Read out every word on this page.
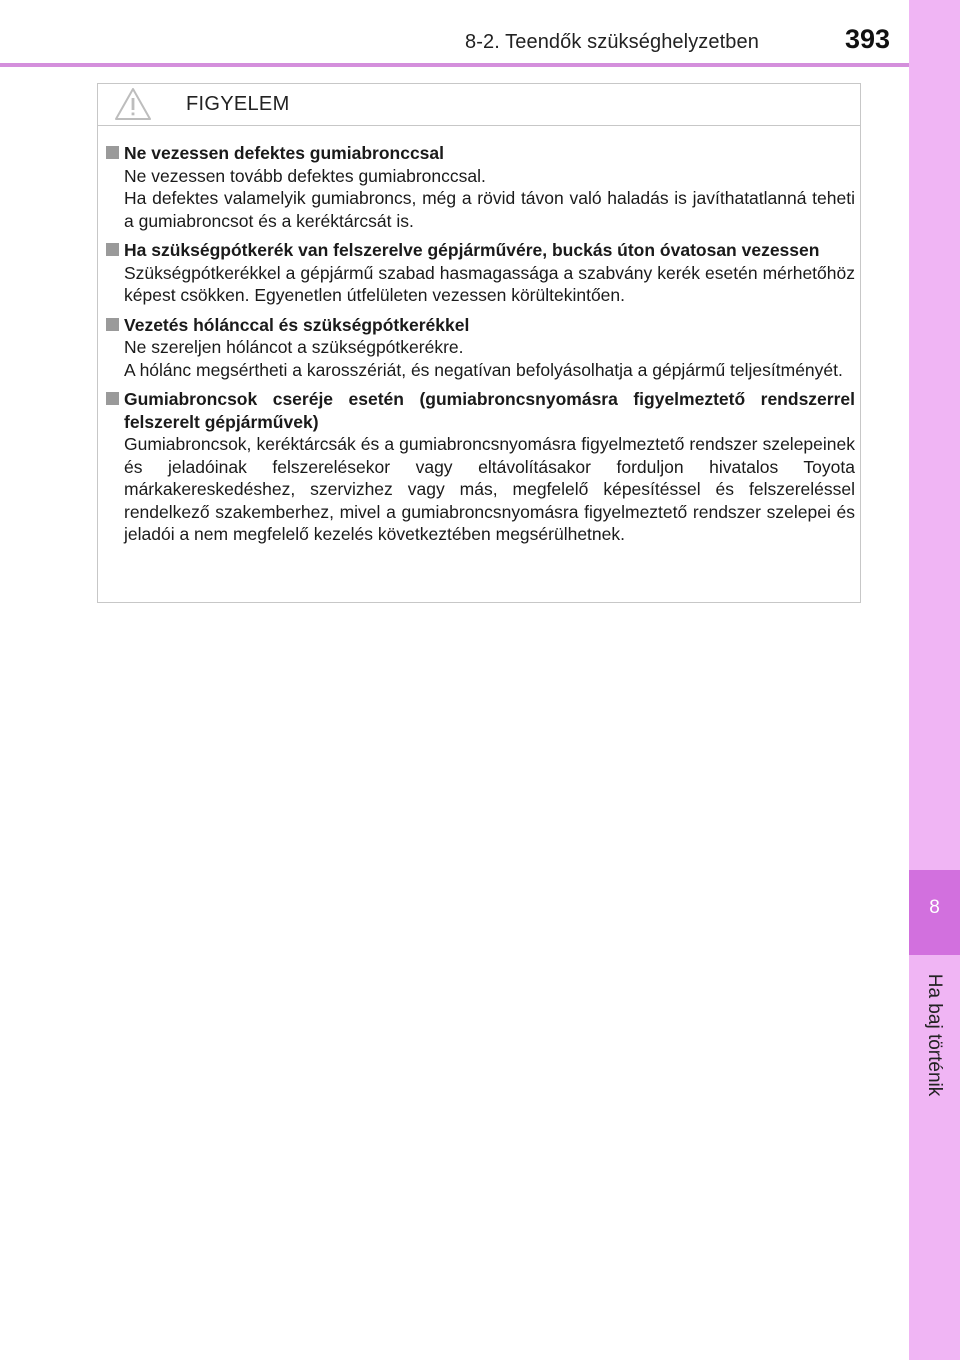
8-2. Teendők szükséghelyzetben	393
8
Ha baj történik
FIGYELEM
Ne vezessen defektes gumiabronccsal

Ne vezessen tovább defektes gumiabronccsal.

Ha defektes valamelyik gumiabroncs, még a rövid távon való haladás is javíthatatlanná teheti a gumiabroncsot és a keréktárcsát is.

Ha szükségpótkerék van felszerelve gépjárművére, buckás úton óvatosan vezessen

Szükségpótkerékkel a gépjármű szabad hasmagassága a szabvány kerék esetén mérhetőhöz képest csökken. Egyenetlen útfelületen vezessen körültekintően.

Vezetés hólánccal és szükségpótkerékkel

Ne szereljen hóláncot a szükségpótkerékre.

A hólánc megsértheti a karosszériát, és negatívan befolyásolhatja a gépjármű teljesítményét.

Gumiabroncsok cseréje esetén (gumiabroncsnyomásra figyelmeztető rendszerrel felszerelt gépjárművek)

Gumiabroncsok, keréktárcsák és a gumiabroncsnyomásra figyelmeztető rendszer szelepeinek és jeladóinak felszerelésekor vagy eltávolításakor forduljon hivatalos Toyota márkakereskedéshez, szervizhez vagy más, megfelelő képesítéssel és felszereléssel rendelkező szakemberhez, mivel a gumiabroncsnyomásra figyelmeztető rendszer szelepei és jeladói a nem megfelelő kezelés következtében megsérülhetnek.
